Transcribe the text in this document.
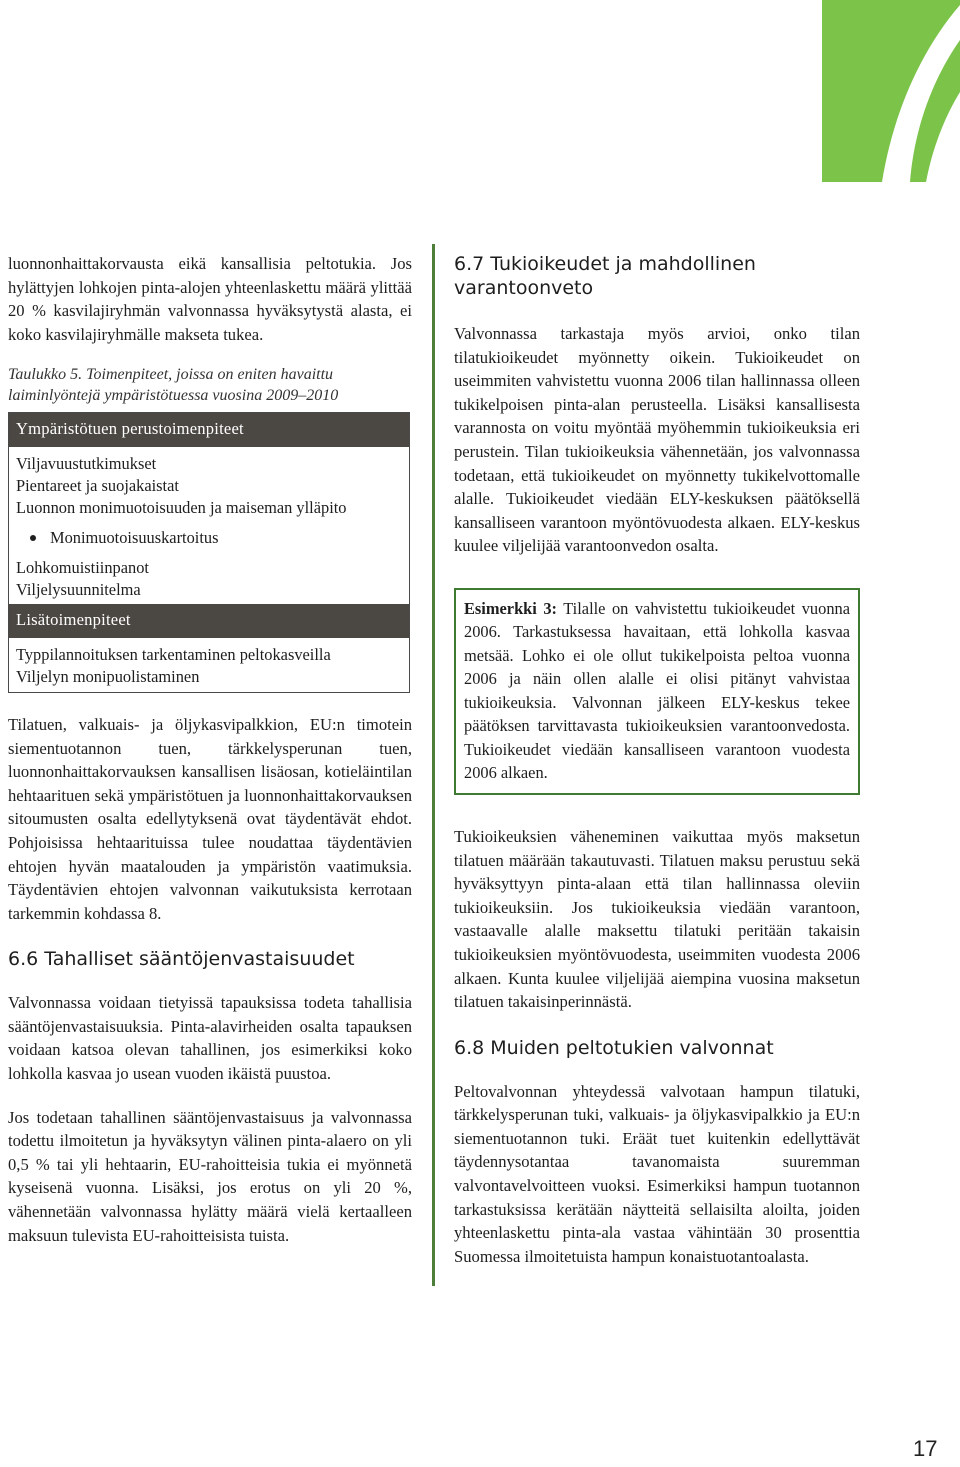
luonnonhaittakorvausta eikä kansallisia peltotukia. Jos hylättyjen lohkojen pinta-alojen yhteenlaskettu määrä ylittää 20 % kasvilajiryhmän valvonnassa hyväksytystä alasta, ei koko kasvilajiryhmälle makseta tukea.

Taulukko 5. Toimenpiteet, joissa on eniten havaittu
laiminlyöntejä ympäristötuessa vuosina 2009–2010
Ympäristötuen perustoimenpiteet
Viljavuustutkimukset
Pientareet ja suojakaistat
Luonnon monimuotoisuuden ja maiseman ylläpito
Monimuotoisuuskartoitus
Lohkomuistiinpanot
Viljelysuunnitelma
Lisätoimenpiteet
Typpilannoituksen tarkentaminen peltokasveilla
Viljelyn monipuolistaminen

Tilatuen, valkuais- ja öljykasvipalkkion, EU:n timotein siementuotannon tuen, tärkkelysperunan tuen, luonnonhaittakorvauksen kansallisen lisäosan, kotieläintilan hehtaarituen sekä ympäristötuen ja luonnonhaittakorvauksen sitoumusten osalta edellytyksenä ovat täydentävät ehdot. Pohjoisissa hehtaarituissa tulee noudattaa täydentävien ehtojen hyvän maatalouden ja ympäristön vaatimuksia. Täydentävien ehtojen valvonnan vaikutuksista kerrotaan tarkemmin kohdassa 8.

6.6 Tahalliset sääntöjenvastaisuudet

Valvonnassa voidaan tietyissä tapauksissa todeta tahallisia sääntöjenvastaisuuksia. Pinta-alavirheiden osalta tapauksen voidaan katsoa olevan tahallinen, jos esimerkiksi koko lohkolla kasvaa jo usean vuoden ikäistä puustoa.

Jos todetaan tahallinen sääntöjenvastaisuus ja valvonnassa todettu ilmoitetun ja hyväksytyn välinen pinta-alaero on yli 0,5 % tai yli hehtaarin, EU-rahoitteisia tukia ei myönnetä kyseisenä vuonna. Lisäksi, jos erotus on yli 20 %, vähennetään valvonnassa hylätty määrä vielä kertaalleen maksuun tulevista EU-rahoitteisista tuista.

6.7 Tukioikeudet ja mahdollinen
varantoonveto

Valvonnassa tarkastaja myös arvioi, onko tilan tilatukioikeudet myönnetty oikein. Tukioikeudet on useimmiten vahvistettu vuonna 2006 tilan hallinnassa olleen tukikelpoisen pinta-alan perusteella. Lisäksi kansallisesta varannosta on voitu myöntää myöhemmin tukioikeuksia eri perustein. Tilan tukioikeuksia vähennetään, jos valvonnassa todetaan, että tukioikeudet on myönnetty tukikelvottomalle alalle. Tukioikeudet viedään ELY-keskuksen päätöksellä kansalliseen varantoon myöntövuodesta alkaen. ELY-keskus kuulee viljelijää varantoonvedon osalta.

Esimerkki 3: Tilalle on vahvistettu tukioikeudet vuonna 2006. Tarkastuksessa havaitaan, että lohkolla kasvaa metsää. Lohko ei ole ollut tukikelpoista peltoa vuonna 2006 ja näin ollen alalle ei olisi pitänyt vahvistaa tukioikeuksia. Valvonnan jälkeen ELY-keskus tekee päätöksen tarvittavasta tukioikeuksien varantoonvedosta. Tukioikeudet viedään kansalliseen varantoon vuodesta 2006 alkaen.

Tukioikeuksien väheneminen vaikuttaa myös maksetun tilatuen määrään takautuvasti. Tilatuen maksu perustuu sekä hyväksyttyyn pinta-alaan että tilan hallinnassa oleviin tukioikeuksiin. Jos tukioikeuksia viedään varantoon, vastaavalle alalle maksettu tilatuki peritään takaisin tukioikeuksien myöntövuodesta, useimmiten vuodesta 2006 alkaen. Kunta kuulee viljelijää aiempina vuosina maksetun tilatuen takaisinperinnästä.

6.8 Muiden peltotukien valvonnat

Peltovalvonnan yhteydessä valvotaan hampun tilatuki, tärkkelysperunan tuki, valkuais- ja öljykasvipalkkio ja EU:n siementuotannon tuki. Eräät tuet kuitenkin edellyttävät täydennysotantaa tavanomaista suuremman valvontavelvoitteen vuoksi. Esimerkiksi hampun tuotannon tarkastuksissa kerätään näytteitä sellaisilta aloilta, joiden yhteenlaskettu pinta-ala vastaa vähintään 30 prosenttia Suomessa ilmoitetuista hampun konaistuotantoalasta.

17
